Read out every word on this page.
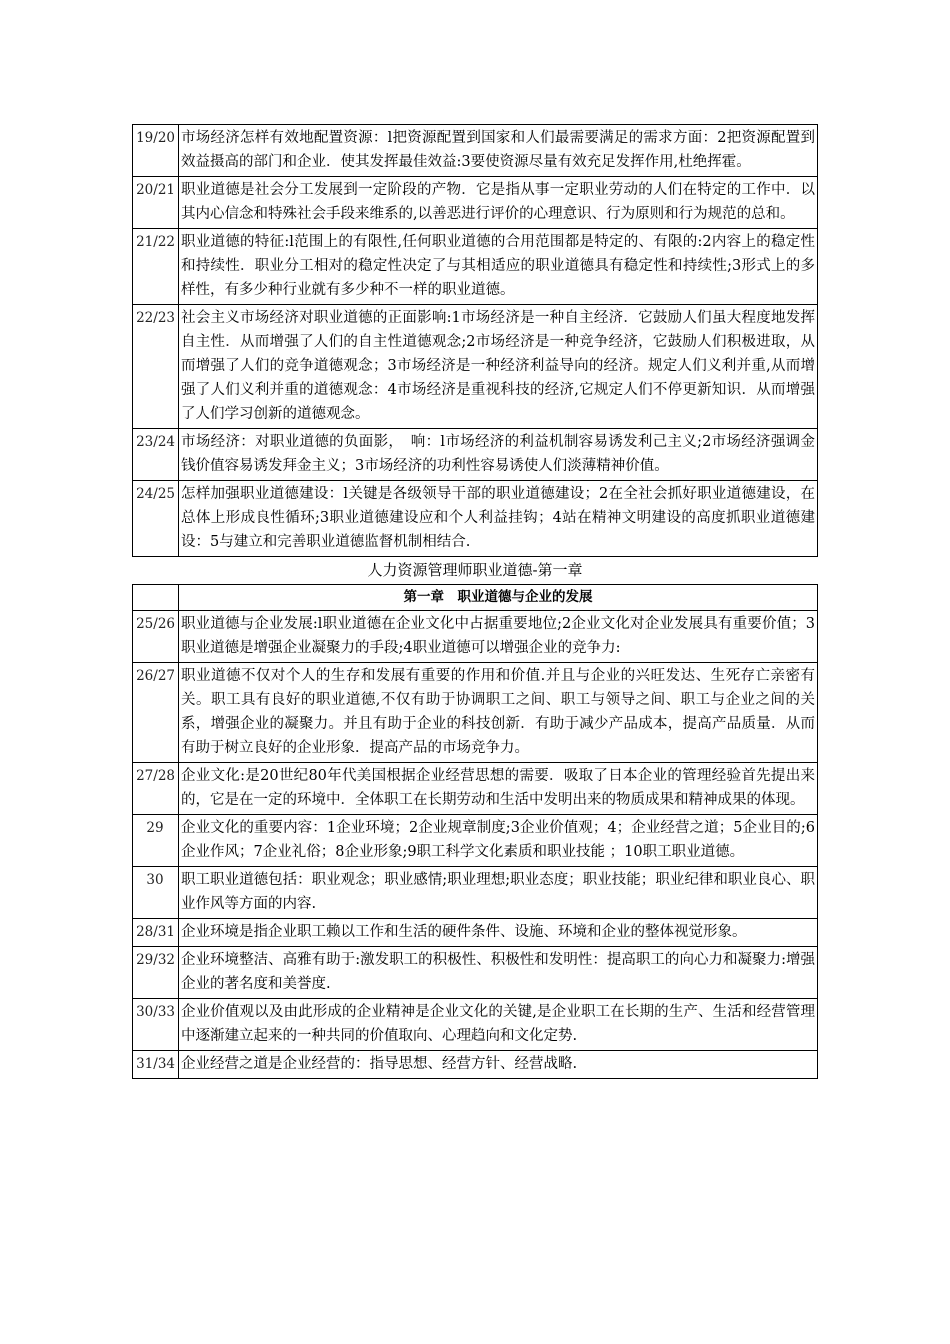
19/20	市场经济怎样有效地配置资源：l把资源配置到国家和人们最需要满足的需求方面：2把资源配置到效益摄高的部门和企业．使其发挥最佳效益:3要使资源尽量有效充足发挥作用,杜绝挥霍。
20/21	职业道德是社会分工发展到一定阶段的产物．它是指从事一定职业劳动的人们在特定的工作中．以其内心信念和特殊社会手段来维系的,以善恶进行评价的心理意识、行为原则和行为规范的总和。
21/22	职业道德的特征:l范围上的有限性,任何职业道德的合用范围都是特定的、有限的:2内容上的稳定性和持续性．职业分工相对的稳定性决定了与其相适应的职业道德具有稳定性和持续性;3形式上的多样性，有多少种行业就有多少种不一样的职业道德。
22/23	社会主义市场经济对职业道德的正面影响:1市场经济是一种自主经济．它鼓励人们虽大程度地发挥自主性．从而增强了人们的自主性道德观念;2市场经济是一种竞争经济，它鼓励人们积极进取，从而增强了人们的竞争道德观念；3市场经济是一种经济利益导向的经济。规定人们义利并重,从而增强了人们义利并重的道德观念：4市场经济是重视科技的经济,它规定人们不停更新知识．从而增强了人们学习创新的道德观念。
23/24	市场经济：对职业道德的负面影，　响：l市场经济的利益机制容易诱发利己主义;2市场经济强调金钱价值容易诱发拜金主义；3市场经济的功利性容易诱使人们淡薄精神价值。
24/25	怎样加强职业道德建设：l关键是各级领导干部的职业道德建设；2在全社会抓好职业道德建设，在总体上形成良性循环;3职业道德建设应和个人利益挂钩；4站在精神文明建设的高度抓职业道德建设：5与建立和完善职业道德监督机制相结合.
人力资源管理师职业道德-第一章
	第一章　职业道德与企业的发展
25/26	职业道德与企业发展:l职业道德在企业文化中占据重要地位;2企业文化对企业发展具有重要价值；3职业道德是增强企业凝聚力的手段;4职业道德可以增强企业的竞争力:
26/27	职业道德不仅对个人的生存和发展有重要的作用和价值.并且与企业的兴旺发达、生死存亡亲密有关。职工具有良好的职业道德,不仅有助于协调职工之间、职工与领导之间、职工与企业之间的关系，增强企业的凝聚力。并且有助于企业的科技创新．有助于减少产品成本，提高产品质量．从而有助于树立良好的企业形象．提高产品的市场竞争力。
27/28	企业文化:是20世纪80年代美国根据企业经营思想的需要．吸取了日本企业的管理经验首先提出来的，它是在一定的环境中．全体职工在长期劳动和生活中发明出来的物质成果和精神成果的体现。
29	企业文化的重要内容：1企业环境；2企业规章制度;3企业价值观；4；企业经营之道；5企业目的;6企业作风；7企业礼俗；8企业形象;9职工科学文化素质和职业技能 ；10职工职业道德。
30	职工职业道德包括：职业观念；职业感情;职业理想;职业态度；职业技能；职业纪律和职业良心、职业作风等方面的内容.
28/31	企业环境是指企业职工赖以工作和生活的硬件条件、设施、环境和企业的整体视觉形象。
29/32	企业环境整洁、高雅有助于:激发职工的积极性、积极性和发明性：提高职工的向心力和凝聚力:增强企业的著名度和美誉度.
30/33	企业价值观以及由此形成的企业精神是企业文化的关键,是企业职工在长期的生产、生活和经营管理中逐渐建立起来的一种共同的价值取向、心理趋向和文化定势.
31/34	企业经营之道是企业经营的：指导思想、经营方针、经营战略.
